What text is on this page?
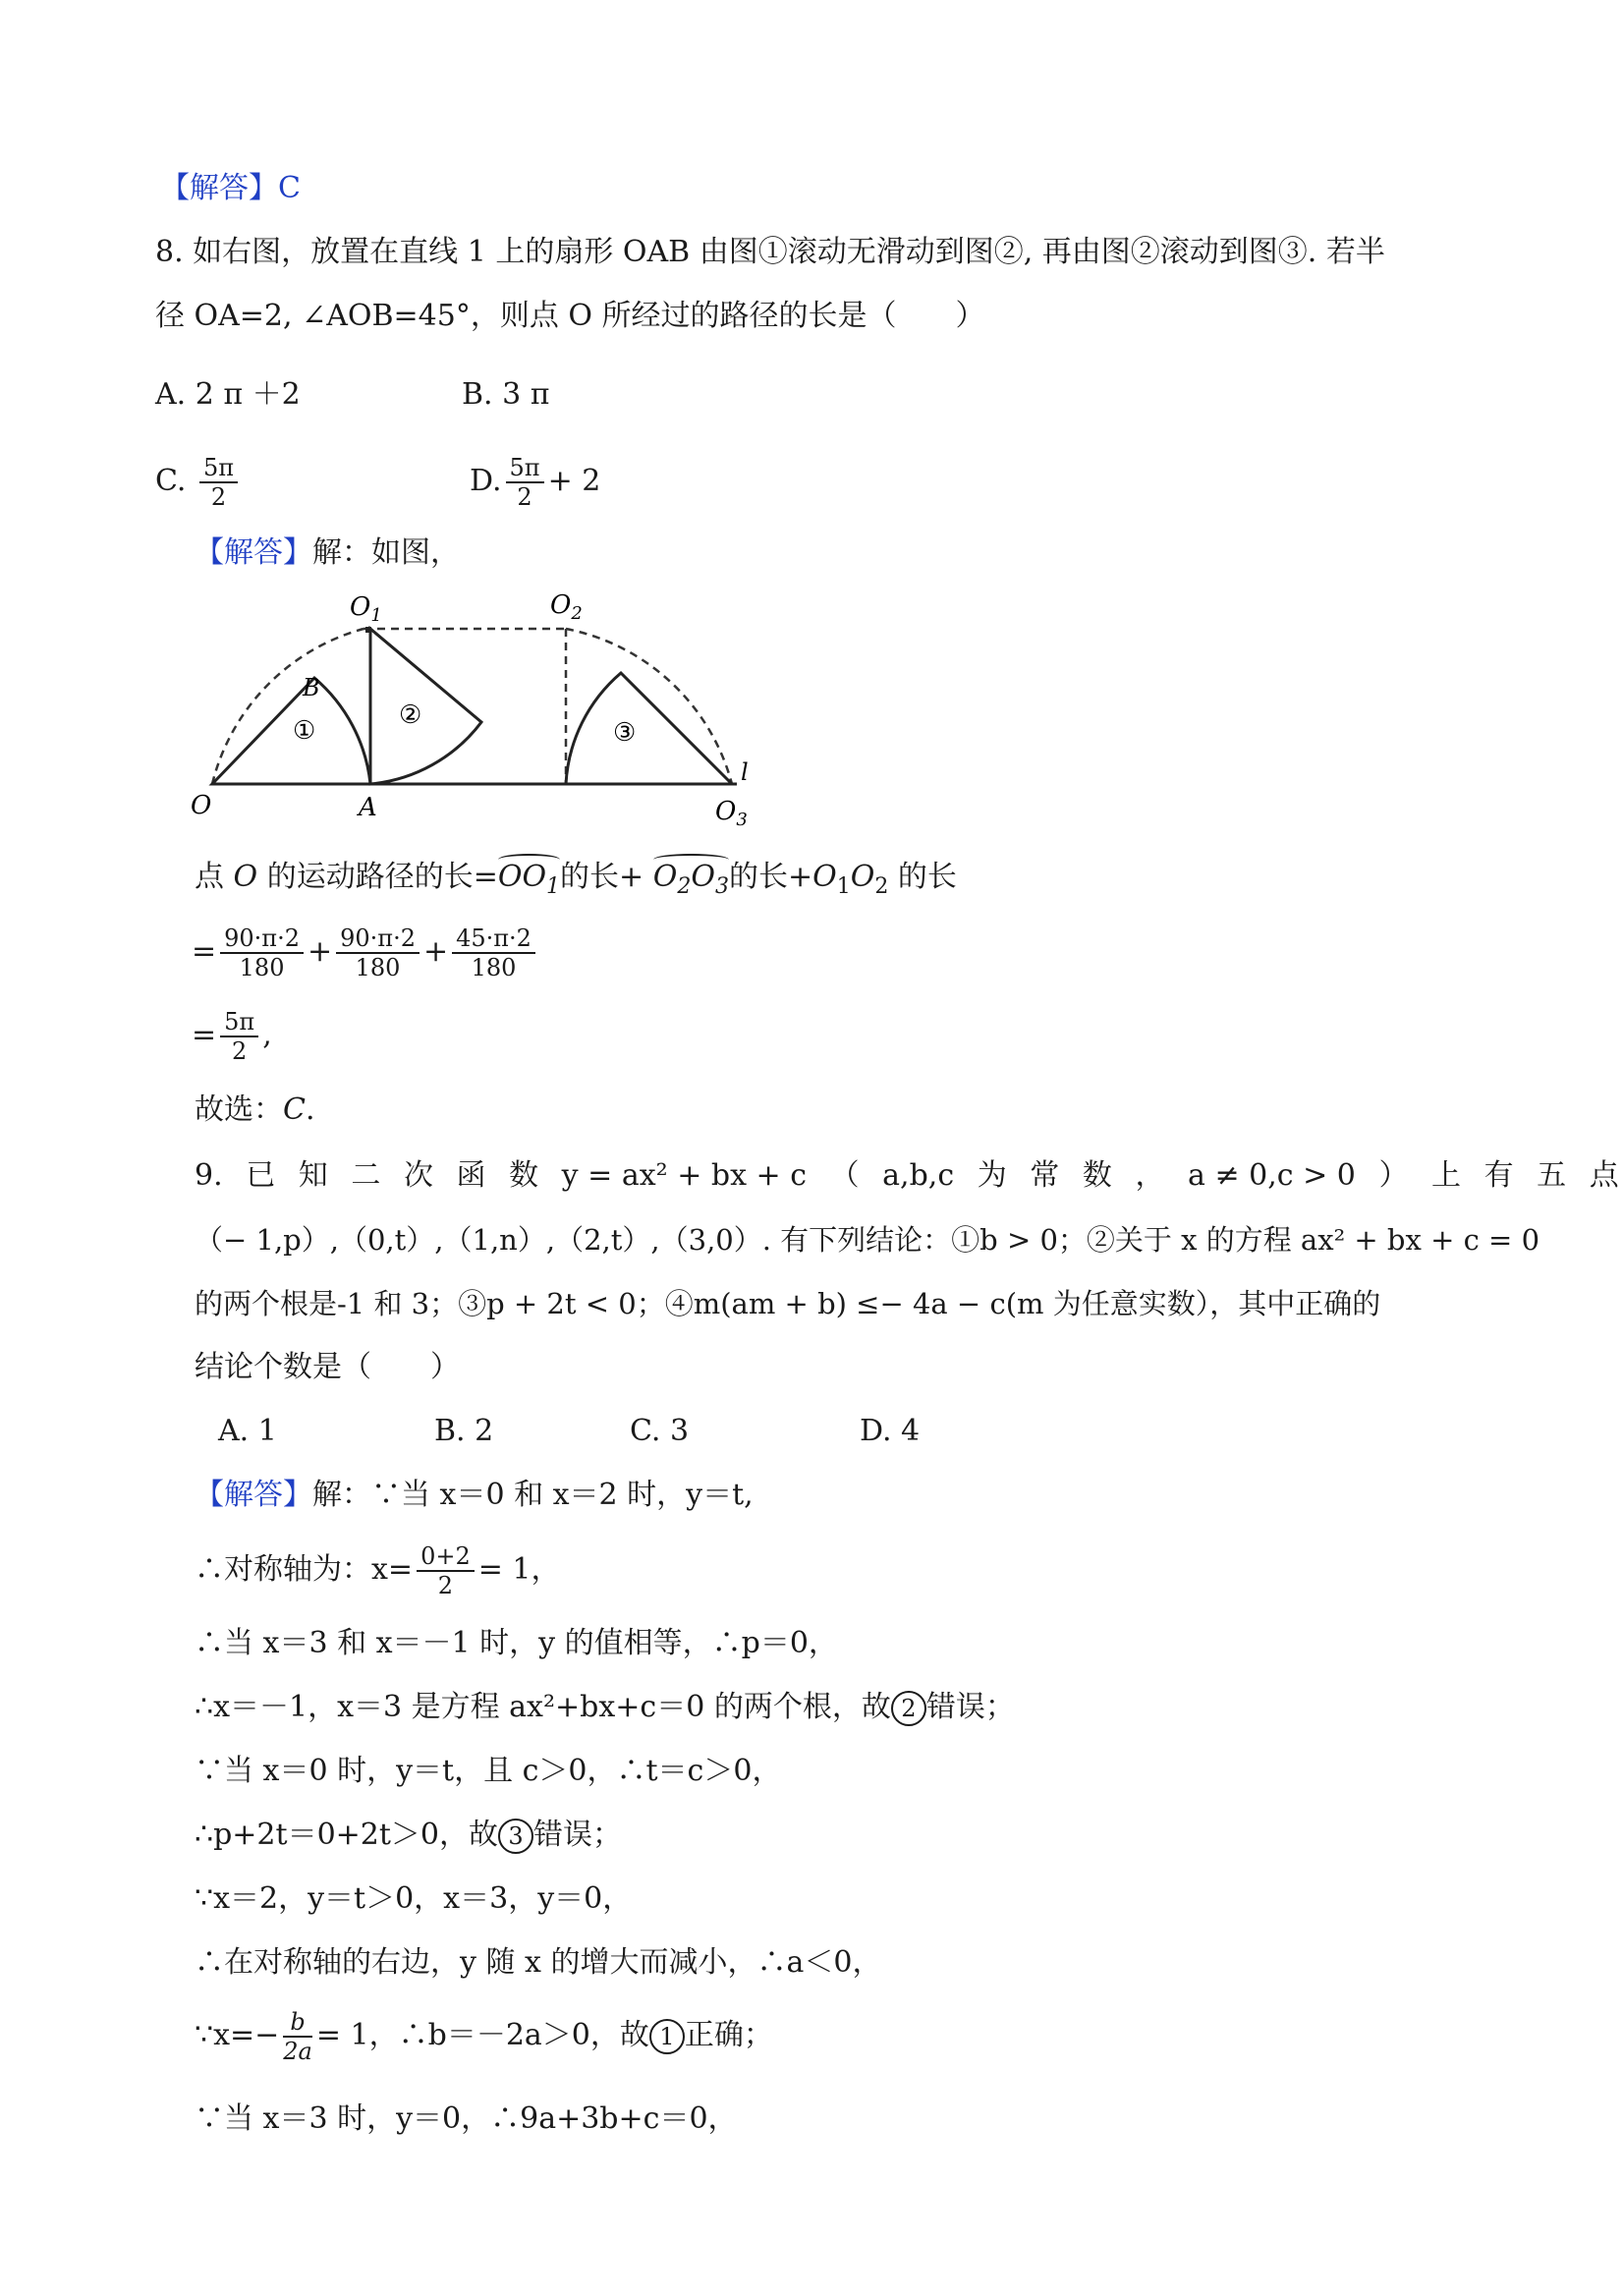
【解答】C
8. 如右图，放置在直线 1 上的扇形 OAB 由图①滚动无滑动到图②, 再由图②滚动到图③. 若半
径 OA=2, ∠AOB=45°，则点 O 所经过的路径的长是（　　）
A. 2 π ＋2	B. 3 π
C. $\frac{5\pi}{2}$	D. $\frac{5\pi}{2} + 2$
【解答】解：如图，
O	A
B
$O_1$	$O_2$
$O_3$
l
①
②
③
点 O 的运动路径的长=
$OO_1$的长+
$O_2O_3$的长$+O_1O_2$ 的长
= $\frac{90\cdot\pi\cdot 2}{180} + \frac{90\cdot\pi\cdot 2}{180} + \frac{45\cdot\pi\cdot 2}{180}$
= $\frac{5\pi}{2}$ ,
故选：C.
9. 已 知 二 次 函 数 y = ax² + bx + c （ a,b,c 为 常 数 ， a ≠ 0,c > 0 ） 上 有 五 点
（− 1,p）,（0,t）,（1,n）,（2,t）,（3,0）. 有下列结论：①b > 0；②关于 x 的方程 ax² + bx + c = 0
的两个根是-1 和 3；③p + 2t < 0；④m(am + b) ≤− 4a − c(m 为任意实数），其中正确的
结论个数是（　　）
A. 1	B. 2	C. 3	D. 4
【解答】解：∵当 x＝0 和 x＝2 时，y＝t,
∴对称轴为：$x= \frac{0+2}{2} = 1$，
∴当 x＝3 和 x＝－1 时，y 的值相等，∴p＝0，
∴x＝－1，x＝3 是方程 ax²+bx+c＝0 的两个根，故 2 错误；
∵当 x＝0 时，y＝t，且 c＞0，∴t＝c＞0，
∴p+2t＝0+2t＞0，故 3 错误；
∵x＝2，y＝t＞0，x＝3，y＝0，
∴在对称轴的右边，y 随 x 的增大而减小，∴a＜0，
∵x=− $\frac{b}{2a} = 1$，∴b＝－2a＞0，故 1 正确；
∵当 x＝3 时，y＝0，∴9a+3b+c＝0，
